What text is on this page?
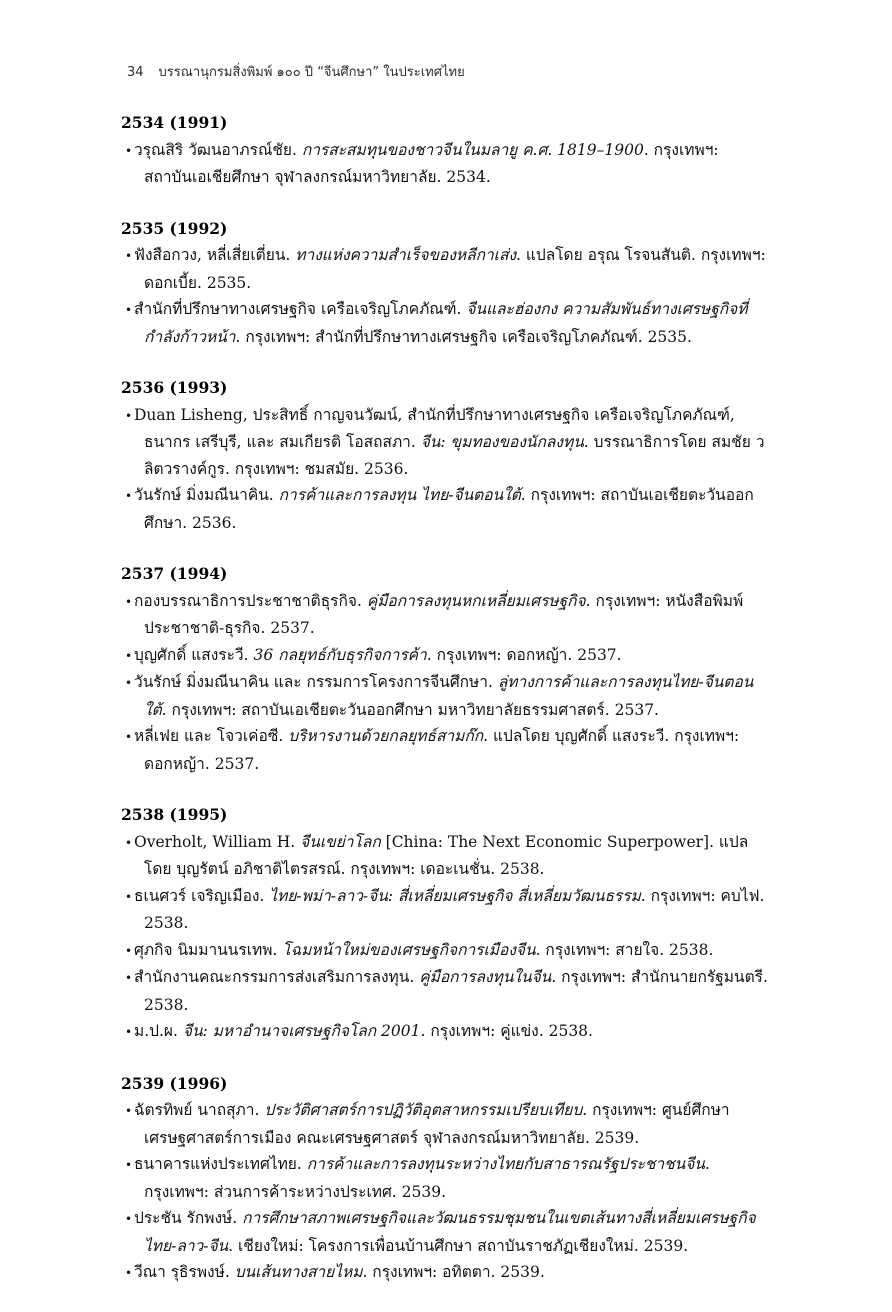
34 บรรณานุกรมสิ่งพิมพ์ ๑๐๐ ปี “จีนศึกษา” ในประเทศไทย
2534 (1991)
• วรุณสิริ วัฒนอาภรณ์ชัย. การสะสมทุนของชาวจีนในมลายู ค.ศ. 1819–1900. กรุงเทพฯ: สถาบันเอเชียศึกษา จุฬาลงกรณ์มหาวิทยาลัย. 2534.
2535 (1992)
• ฟังสือกวง, หลี่เสี่ยเตี่ยน. ทางแห่งความสำเร็จของหลีกาเส่ง. แปลโดย อรุณ โรจนสันติ. กรุงเทพฯ: ดอกเบี้ย. 2535.
• สำนักที่ปรึกษาทางเศรษฐกิจ เครือเจริญโภคภัณฑ์. จีนและฮ่องกง ความสัมพันธ์ทางเศรษฐกิจที่กำลังก้าวหน้า. กรุงเทพฯ: สำนักที่ปรึกษาทางเศรษฐกิจ เครือเจริญโภคภัณฑ์. 2535.
2536 (1993)
• Duan Lisheng, ประสิทธิ์ กาญจนวัฒน์, สำนักที่ปรึกษาทางเศรษฐกิจ เครือเจริญโภคภัณฑ์, ธนากร เสรีบุรี, และ สมเกียรติ โอสถสภา. จีน: ขุมทองของนักลงทุน. บรรณาธิการโดย สมชัย วลิตวรางค์กูร. กรุงเทพฯ: ชมสมัย. 2536.
• วันรักษ์ มิ่งมณีนาคิน. การค้าและการลงทุน ไทย-จีนตอนใต้. กรุงเทพฯ: สถาบันเอเชียตะวันออกศึกษา. 2536.
2537 (1994)
• กองบรรณาธิการประชาชาติธุรกิจ. คู่มือการลงทุนหกเหลี่ยมเศรษฐกิจ. กรุงเทพฯ: หนังสือพิมพ์ประชาชาติ-ธุรกิจ. 2537.
• บุญศักดิ์ แสงระวี. 36 กลยุทธ์กับธุรกิจการค้า. กรุงเทพฯ: ดอกหญ้า. 2537.
• วันรักษ์ มิ่งมณีนาคิน และ กรรมการโครงการจีนศึกษา. ลู่ทางการค้าและการลงทุนไทย-จีนตอนใต้. กรุงเทพฯ: สถาบันเอเชียตะวันออกศึกษา มหาวิทยาลัยธรรมศาสตร์. 2537.
• หลี่เฟย และ โจวเค่อซี. บริหารงานด้วยกลยุทธ์สามก๊ก. แปลโดย บุญศักดิ์ แสงระวี. กรุงเทพฯ: ดอกหญ้า. 2537.
2538 (1995)
• Overholt, William H. จีนเขย่าโลก [China: The Next Economic Superpower]. แปลโดย บุญรัตน์ อภิชาติไตรสรณ์. กรุงเทพฯ: เดอะเนชั่น. 2538.
• ธเนศวร์ เจริญเมือง. ไทย-พม่า-ลาว-จีน: สี่เหลี่ยมเศรษฐกิจ สี่เหลี่ยมวัฒนธรรม. กรุงเทพฯ: คบไฟ. 2538.
• ศุภกิจ นิมมานนรเทพ. โฉมหน้าใหม่ของเศรษฐกิจการเมืองจีน. กรุงเทพฯ: สายใจ. 2538.
• สำนักงานคณะกรรมการส่งเสริมการลงทุน. คู่มือการลงทุนในจีน. กรุงเทพฯ: สำนักนายกรัฐมนตรี. 2538.
• ม.ป.ผ. จีน: มหาอำนาจเศรษฐกิจโลก 2001. กรุงเทพฯ: คู่แข่ง. 2538.
2539 (1996)
• ฉัตรทิพย์ นาถสุภา. ประวัติศาสตร์การปฏิวัติอุตสาหกรรมเปรียบเทียบ. กรุงเทพฯ: ศูนย์ศึกษาเศรษฐศาสตร์การเมือง คณะเศรษฐศาสตร์ จุฬาลงกรณ์มหาวิทยาลัย. 2539.
• ธนาคารแห่งประเทศไทย. การค้าและการลงทุนระหว่างไทยกับสาธารณรัฐประชาชนจีน. กรุงเทพฯ: ส่วนการค้าระหว่างประเทศ. 2539.
• ประชัน รักพงษ์. การศึกษาสภาพเศรษฐกิจและวัฒนธรรมชุมชนในเขตเส้นทางสี่เหลี่ยมเศรษฐกิจไทย-ลาว-จีน. เชียงใหม่: โครงการเพื่อนบ้านศึกษา สถาบันราชภัฏเชียงใหม่. 2539.
• วีณา รุธิรพงษ์. บนเส้นทางสายไหม. กรุงเทพฯ: อทิตตา. 2539.
